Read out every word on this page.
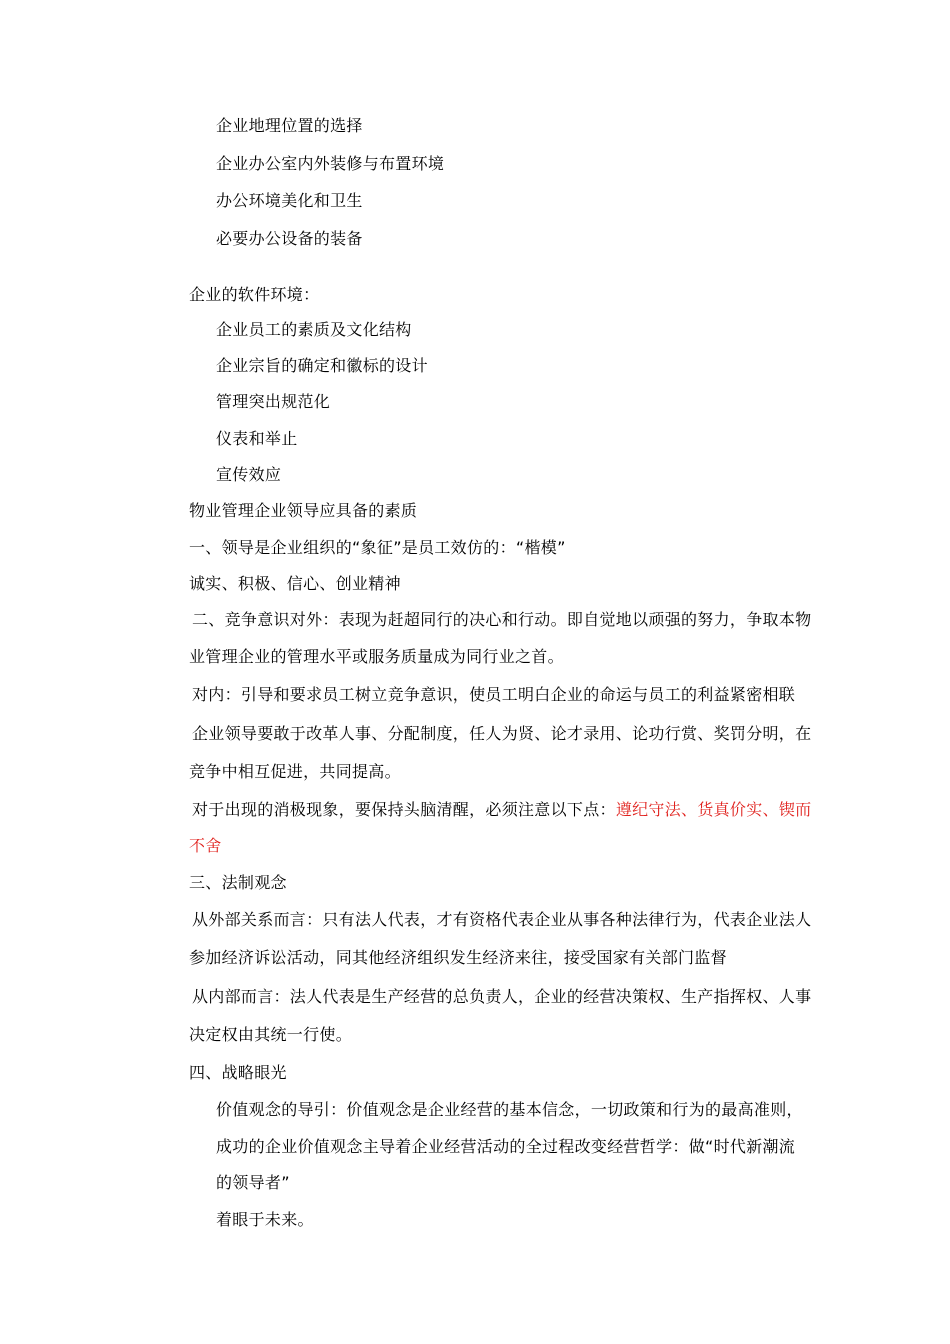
企业地理位置的选择
企业办公室内外装修与布置环境
办公环境美化和卫生
必要办公设备的装备
企业的软件环境：
企业员工的素质及文化结构
企业宗旨的确定和徽标的设计
管理突出规范化
仪表和举止
宣传效应
物业管理企业领导应具备的素质
一、领导是企业组织的“象征”是员工效仿的：“楷模”
诚实、积极、信心、创业精神
二、竞争意识对外：表现为赶超同行的决心和行动。即自觉地以顽强的努力，争取本物
业管理企业的管理水平或服务质量成为同行业之首。
对内：引导和要求员工树立竞争意识，使员工明白企业的命运与员工的利益紧密相联
企业领导要敢于改革人事、分配制度，任人为贤、论才录用、论功行赏、奖罚分明，在
竞争中相互促进，共同提高。
对于出现的消极现象，要保持头脑清醒，必须注意以下点：遵纪守法、货真价实、锲而
不舍
三、法制观念
从外部关系而言：只有法人代表，才有资格代表企业从事各种法律行为，代表企业法人
参加经济诉讼活动，同其他经济组织发生经济来往，接受国家有关部门监督
从内部而言：法人代表是生产经营的总负责人，企业的经营决策权、生产指挥权、人事
决定权由其统一行使。
四、战略眼光
价值观念的导引：价值观念是企业经营的基本信念，一切政策和行为的最高准则，
成功的企业价值观念主导着企业经营活动的全过程改变经营哲学：做“时代新潮流
的领导者”
着眼于未来。
